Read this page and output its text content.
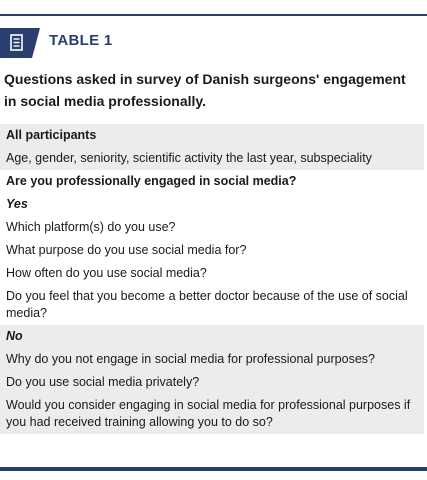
TABLE 1
Questions asked in survey of Danish surgeons' engagement in social media professionally.
All participants
Age, gender, seniority, scientific activity the last year, subspeciality
Are you professionally engaged in social media?
Yes
Which platform(s) do you use?
What purpose do you use social media for?
How often do you use social media?
Do you feel that you become a better doctor because of the use of social media?
No
Why do you not engage in social media for professional purposes?
Do you use social media privately?
Would you consider engaging in social media for professional purposes if you had received training allowing you to do so?
